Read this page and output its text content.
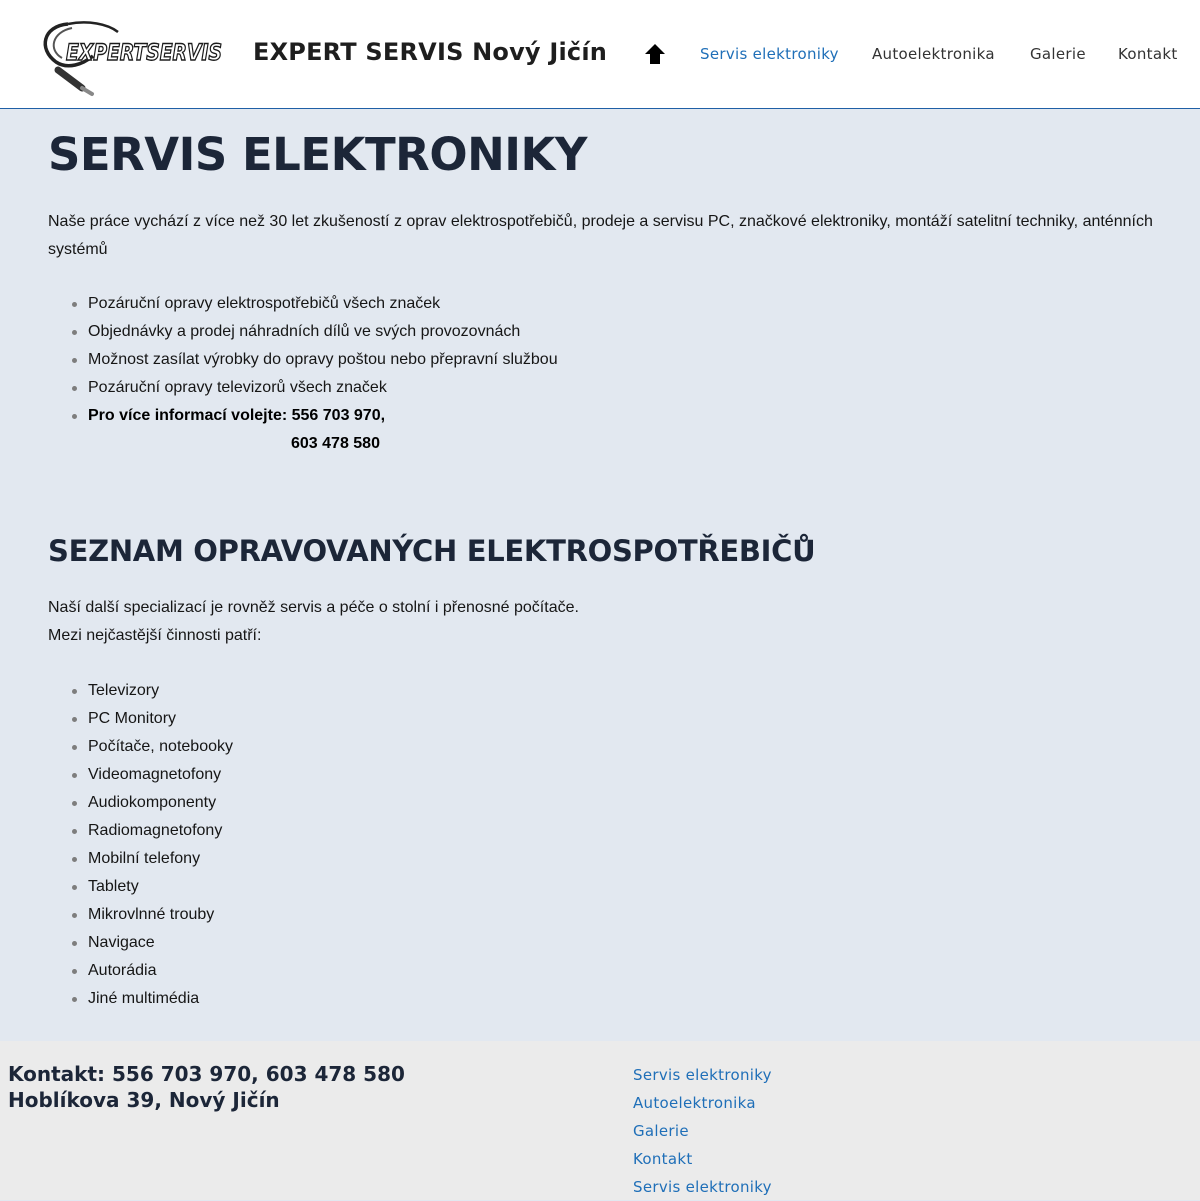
EXPERTSERVIS EXPERT SERVIS Nový Jičín	Servis elektroniky Autoelektronika Galerie Kontakt
SERVIS ELEKTRONIKY

Naše práce vychází z více než 30 let zkušeností z oprav elektrospotřebičů, prodeje a servisu PC, značkové elektroniky, montáží satelitní techniky, anténních systémů

Pozáruční opravy elektrospotřebičů všech značek
Objednávky a prodej náhradních dílů ve svých provozovnách
Možnost zasílat výrobky do opravy poštou nebo přepravní službou
Pozáruční opravy televizorů všech značek
Pro více informací volejte: 556 703 970,
603 478 580
SEZNAM OPRAVOVANÝCH ELEKTROSPOTŘEBIČŮ
Naší další specializací je rovněž servis a péče o stolní i přenosné počítače.
Mezi nejčastější činnosti patří:
Televizory
PC Monitory
Počítače, notebooky
Videomagnetofony
Audiokomponenty
Radiomagnetofony
Mobilní telefony
Tablety
Mikrovlnné trouby
Navigace
Autorádia
Jiné multimédia
Kontakt: 556 703 970, 603 478 580
Hoblíkova 39, Nový Jičín
Servis elektroniky
Autoelektronika
Galerie
Kontakt
Servis elektroniky
